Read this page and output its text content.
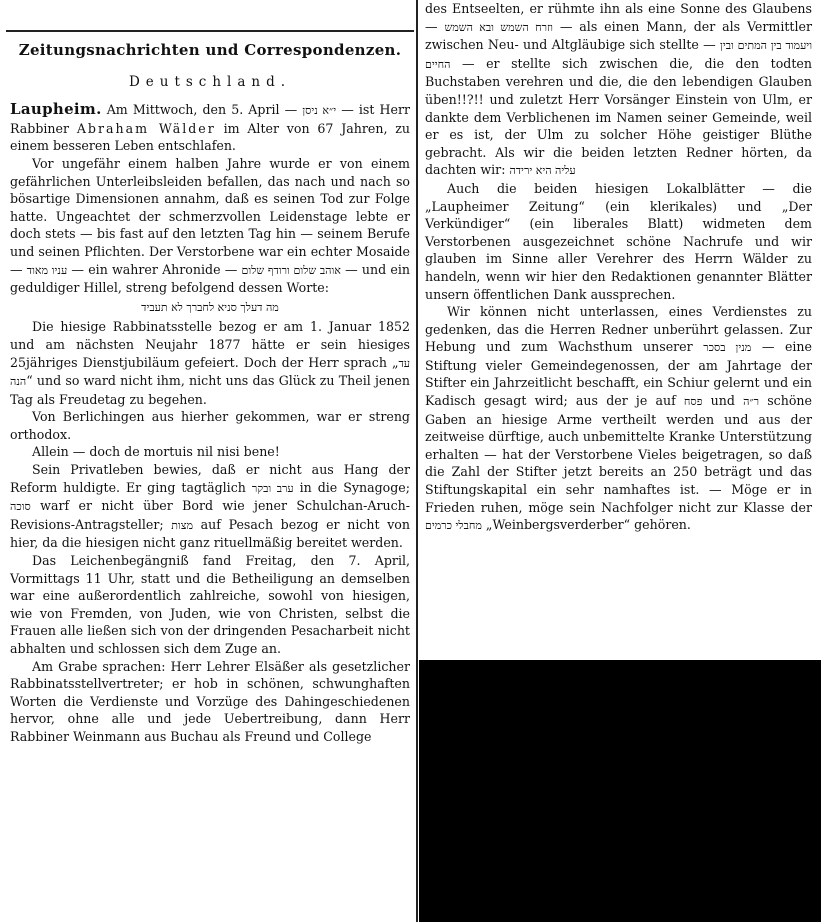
Zeitungsnachrichten und Correspondenzen.
Deutschland.

Laupheim. Am Mittwoch, den 5. April — י״א ניסן — ist Herr Rabbiner Abraham Wälder im Alter von 67 Jahren, zu einem besseren Leben entschlafen.

Vor ungefähr einem halben Jahre wurde er von einem gefährlichen Unterleibsleiden befallen, das nach und nach so bösartige Dimensionen annahm, daß es seinen Tod zur Folge hatte. Ungeachtet der schmerzvollen Leidenstage lebte er doch stets — bis fast auf den letzten Tag hin — seinem Berufe und seinen Pflichten. Der Verstorbene war ein echter Mosaide — עניו מאוד — ein wahrer Ahronide — אוהב שלום ורודף שלום — und ein geduldiger Hillel, streng befolgend dessen Worte:

מה דעלך סניא לחברך לא תעביד

Die hiesige Rabbinatsstelle bezog er am 1. Januar 1852 und am nächsten Neujahr 1877 hätte er sein hiesiges 25jähriges Dienstjubiläum gefeiert. Doch der Herr sprach „עד הנה“ und so ward nicht ihm, nicht uns das Glück zu Theil jenen Tag als Freudetag zu begehen.

Von Berlichingen aus hierher gekommen, war er streng orthodox.

Allein — doch de mortuis nil nisi bene!

Sein Privatleben bewies, daß er nicht aus Hang der Reform huldigte. Er ging tagtäglich ערב ובקר in die Synagoge; סוכה warf er nicht über Bord wie jener Schulchan-Aruch-Revisions-Antragsteller; מצות auf Pesach bezog er nicht von hier, da die hiesigen nicht ganz rituellmäßig bereitet werden.

Das Leichenbegängniß fand Freitag, den 7. April, Vormittags 11 Uhr, statt und die Betheiligung an demselben war eine außerordentlich zahlreiche, sowohl von hiesigen, wie von Fremden, von Juden, wie von Christen, selbst die Frauen alle ließen sich von der dringenden Pesacharbeit nicht abhalten und schlossen sich dem Zuge an.

Am Grabe sprachen: Herr Lehrer Elsäßer als gesetzlicher Rabbinatsstellvertreter; er hob in schönen, schwunghaften Worten die Verdienste und Vorzüge des Dahingeschiedenen hervor, ohne alle und jede Uebertreibung, dann Herr Rabbiner Weinmann aus Buchau als Freund und College

des Entseelten, er rühmte ihn als eine Sonne des Glaubens — וזרח השמש ובא השמש — als einen Mann, der als Vermittler zwischen Neu- und Altgläubige sich stellte — ויעמוד בין המתים ובין החיים — er stellte sich zwischen die, die den todten Buchstaben verehren und die, die den lebendigen Glauben üben!!?!! und zuletzt Herr Vorsänger Einstein von Ulm, er dankte dem Verblichenen im Namen seiner Gemeinde, weil er es ist, der Ulm zu solcher Höhe geistiger Blüthe gebracht. Als wir die beiden letzten Redner hörten, da dachten wir: עליה היא ירידה

Auch die beiden hiesigen Lokalblätter — die „Laupheimer Zeitung“ (ein klerikales) und „Der Verkündiger“ (ein liberales Blatt) widmeten dem Verstorbenen ausgezeichnet schöne Nachrufe und wir glauben im Sinne aller Verehrer des Herrn Wälder zu handeln, wenn wir hier den Redaktionen genannter Blätter unsern öffentlichen Dank aussprechen.

Wir können nicht unterlassen, eines Verdienstes zu gedenken, das die Herren Redner unberührt gelassen. Zur Hebung und zum Wachsthum unserer מנין בסכר — eine Stiftung vieler Gemeindegenossen, der am Jahrtage der Stifter ein Jahrzeitlicht beschafft, ein Schiur gelernt und ein Kadisch gesagt wird; aus der je auf פסח und ר״ה schöne Gaben an hiesige Arme vertheilt werden und aus der zeitweise dürftige, auch unbemittelte Kranke Unterstützung erhalten — hat der Verstorbene Vieles beigetragen, so daß die Zahl der Stifter jetzt bereits an 250 beträgt und das Stiftungskapital ein sehr namhaftes ist. — Möge er in Frieden ruhen, möge sein Nachfolger nicht zur Klasse der מחבלי כרמים „Weinbergsverderber“ gehören.
